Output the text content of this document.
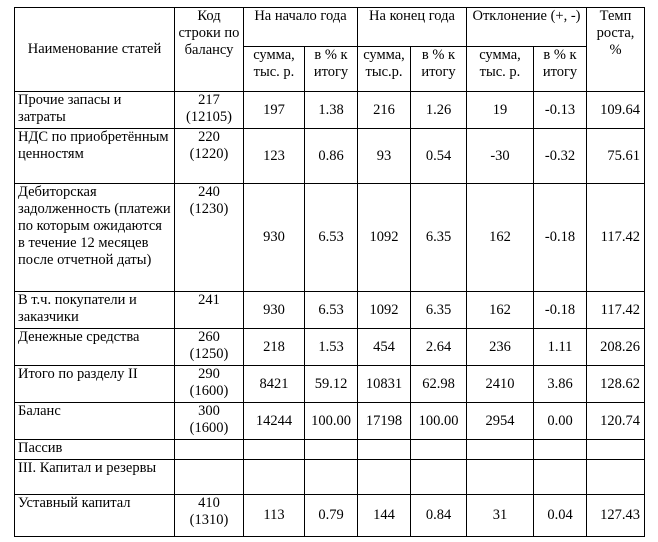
Наименование статей	Код строки по балансу	На начало года		На конец года		Отклонение (+, -)		Темп роста, %
		сумма, тыс. р.	в % к итогу	сумма, тыс.р.	в % к итогу	сумма, тыс. р.	в % к итогу	
Прочие запасы и затраты	217 (12105)	197	1.38	216	1.26	19	-0.13	109.64
НДС по приобретённым ценностям	220 (1220)	123	0.86	93	0.54	-30	-0.32	75.61
Дебиторская задолженность (платежи по которым ожидаются в течение 12 месяцев после отчетной даты)	240 (1230)	930	6.53	1092	6.35	162	-0.18	117.42
В т.ч. покупатели и заказчики	241	930	6.53	1092	6.35	162	-0.18	117.42
Денежные средства	260 (1250)	218	1.53	454	2.64	236	1.11	208.26
Итого по разделу II	290 (1600)	8421	59.12	10831	62.98	2410	3.86	128.62
Баланс	300 (1600)	14244	100.00	17198	100.00	2954	0.00	120.74
Пассив								
III. Капитал и резервы								
Уставный капитал	410 (1310)	113	0.79	144	0.84	31	0.04	127.43
